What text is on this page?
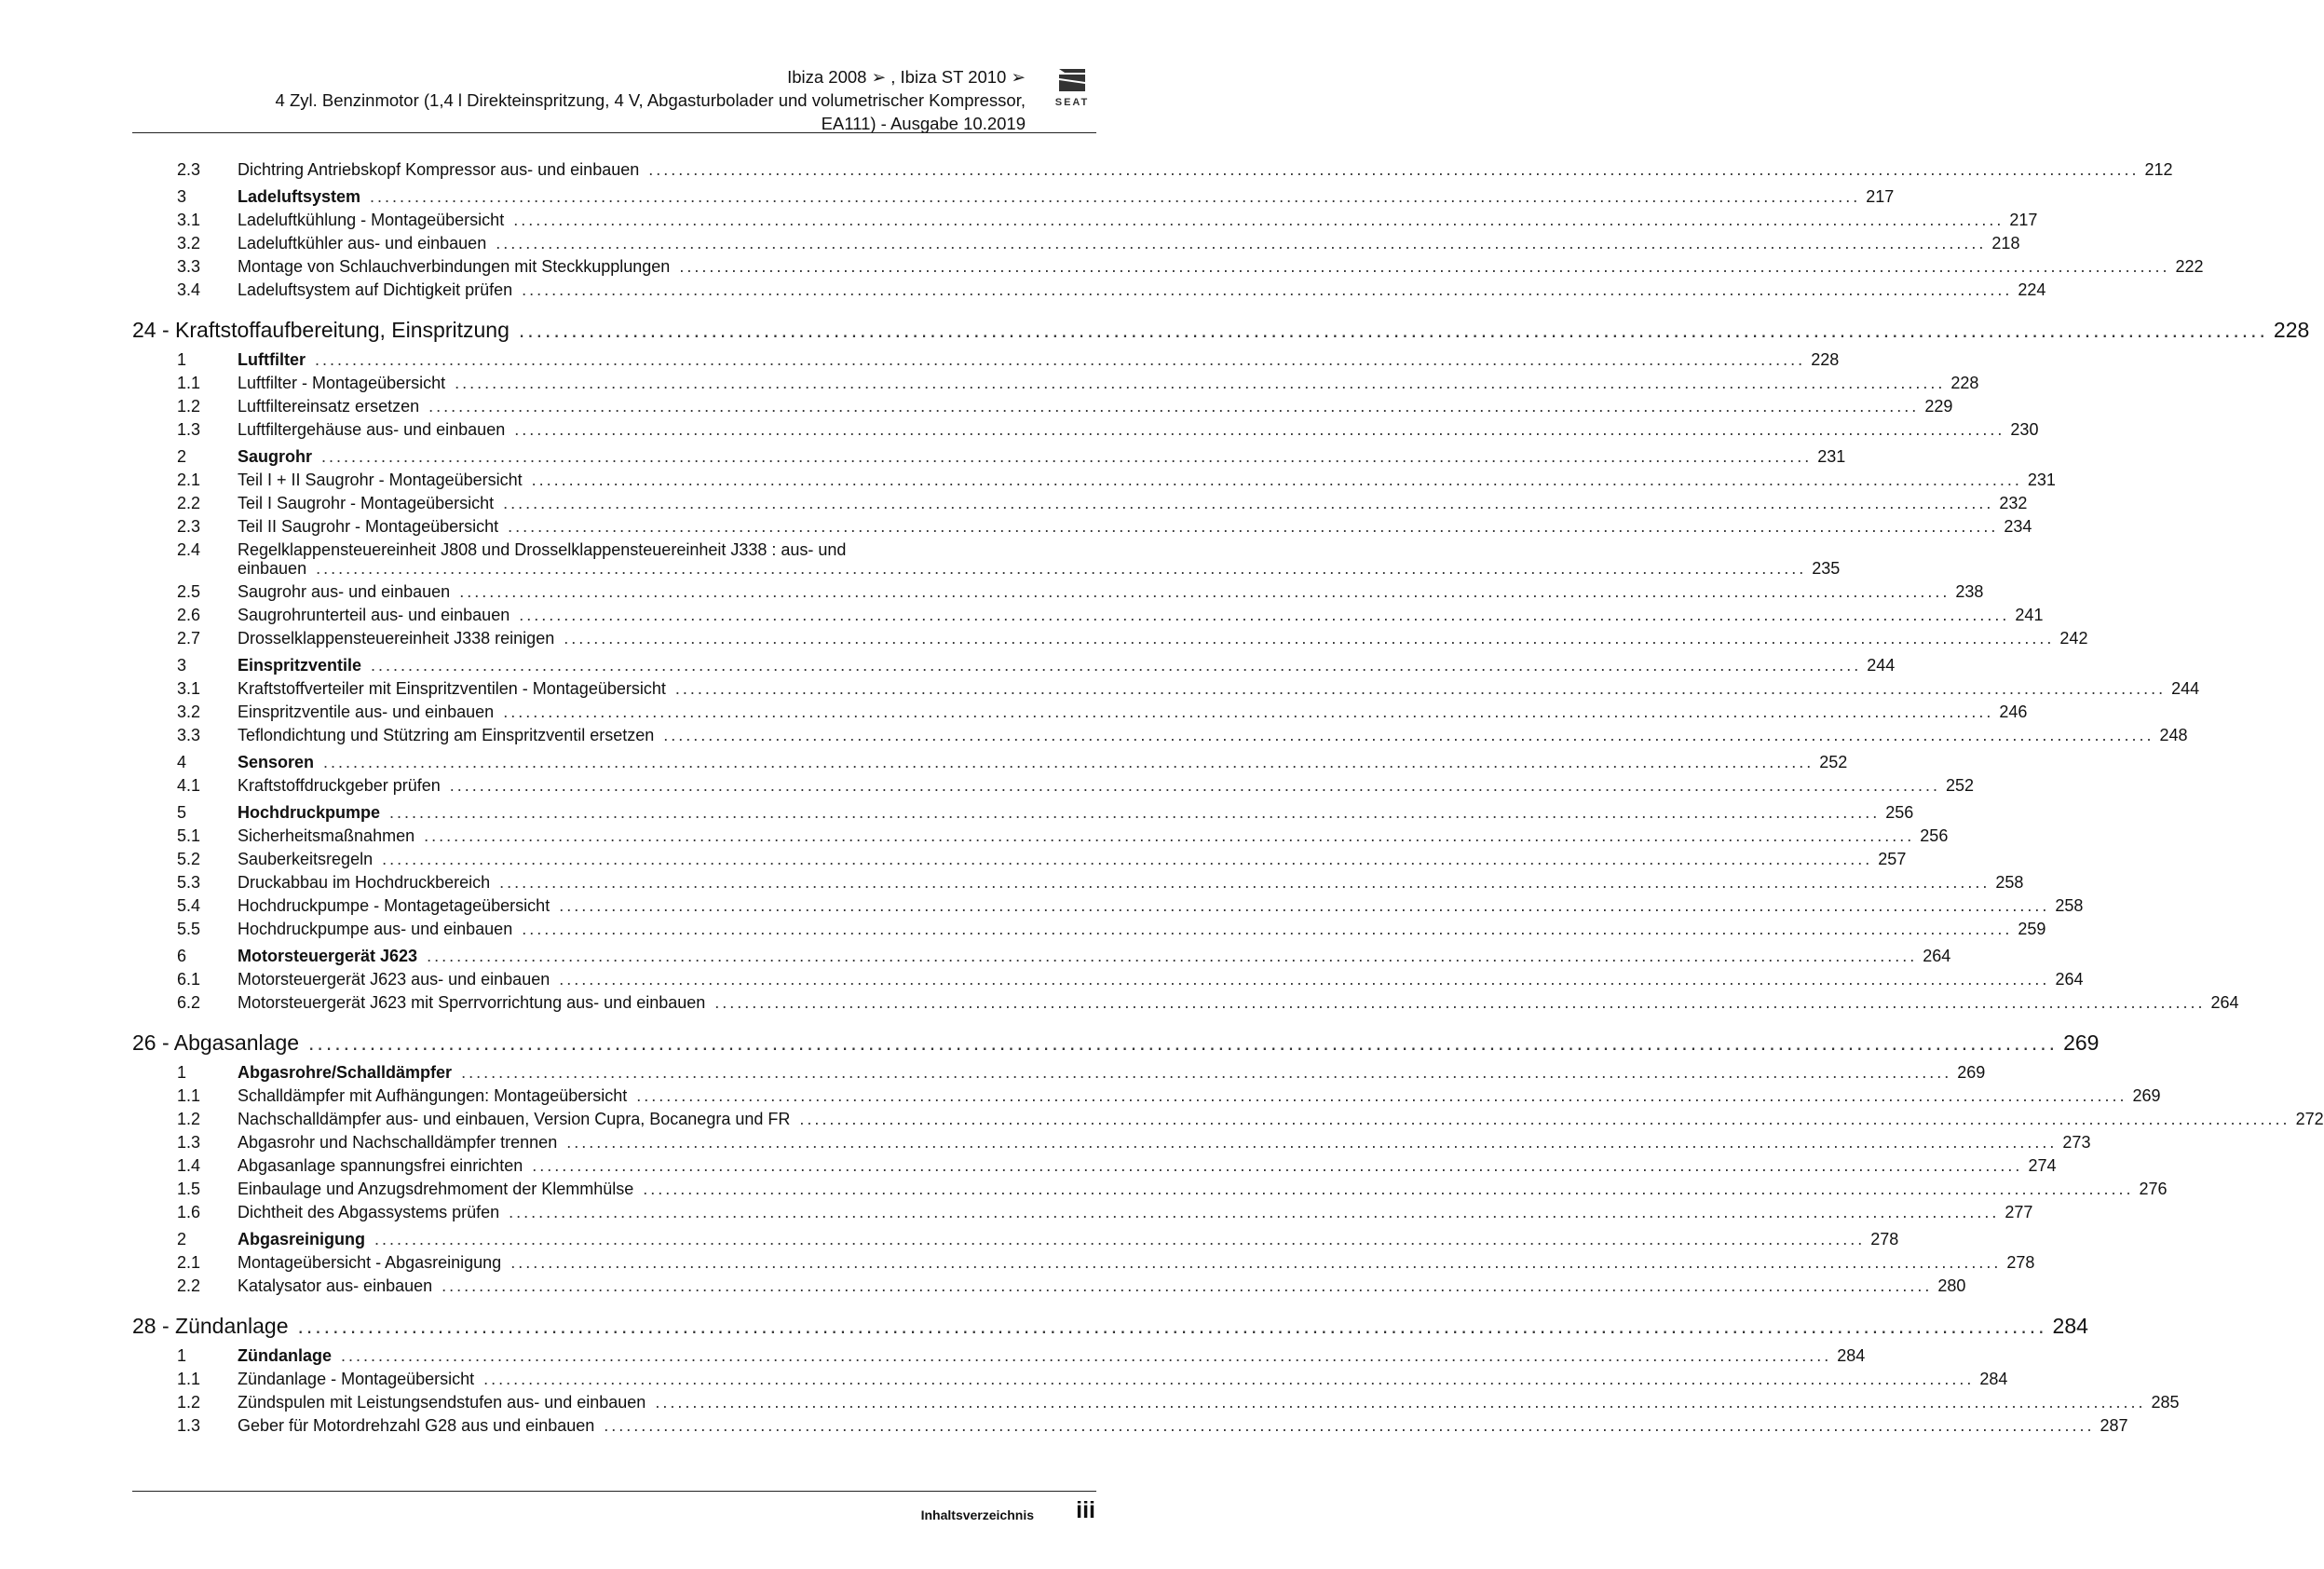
Ibiza 2008 ➢ , Ibiza ST 2010 ➢
4 Zyl. Benzinmotor (1,4 l Direkteinspritzung, 4 V, Abgasturbolader und volumetrischer Kompressor,
EA111) - Ausgabe 10.2019
SEAT
2.3 Dichtring Antriebskopf Kompressor aus- und einbauen ........................................................................................................................................................................................................ 212
3	Ladeluftsystem ........................................................................................................................................................................................................ 217
3.1 Ladeluftkühlung - Montageübersicht ........................................................................................................................................................................................................ 217
3.2 Ladeluftkühler aus- und einbauen ........................................................................................................................................................................................................ 218
3.3 Montage von Schlauchverbindungen mit Steckkupplungen ........................................................................................................................................................................................................ 222
3.4 Ladeluftsystem auf Dichtigkeit prüfen ........................................................................................................................................................................................................ 224
24 - Kraftstoffaufbereitung, Einspritzung ........................................................................................................................................................................................................ 228
1	Luftfilter ........................................................................................................................................................................................................ 228
1.1 Luftfilter - Montageübersicht ........................................................................................................................................................................................................ 228
1.2 Luftfiltereinsatz ersetzen ........................................................................................................................................................................................................ 229
1.3 Luftfiltergehäuse aus- und einbauen ........................................................................................................................................................................................................ 230
2	Saugrohr ........................................................................................................................................................................................................ 231
2.1 Teil I + II Saugrohr - Montageübersicht ........................................................................................................................................................................................................ 231
2.2 Teil I Saugrohr - Montageübersicht ........................................................................................................................................................................................................ 232
2.3 Teil II Saugrohr - Montageübersicht ........................................................................................................................................................................................................ 234
2.4 Regelklappensteuereinheit J808 und Drosselklappensteuereinheit J338 : aus- und
einbauen ........................................................................................................................................................................................................ 235
2.5 Saugrohr aus- und einbauen ........................................................................................................................................................................................................ 238
2.6 Saugrohrunterteil aus- und einbauen ........................................................................................................................................................................................................ 241
2.7 Drosselklappensteuereinheit J338 reinigen ........................................................................................................................................................................................................ 242
3	Einspritzventile ........................................................................................................................................................................................................ 244
3.1 Kraftstoffverteiler mit Einspritzventilen - Montageübersicht ........................................................................................................................................................................................................ 244
3.2 Einspritzventile aus- und einbauen ........................................................................................................................................................................................................ 246
3.3 Teflondichtung und Stützring am Einspritzventil ersetzen ........................................................................................................................................................................................................ 248
4	Sensoren ........................................................................................................................................................................................................ 252
4.1 Kraftstoffdruckgeber prüfen ........................................................................................................................................................................................................ 252
5	Hochdruckpumpe ........................................................................................................................................................................................................ 256
5.1 Sicherheitsmaßnahmen ........................................................................................................................................................................................................ 256
5.2 Sauberkeitsregeln ........................................................................................................................................................................................................ 257
5.3 Druckabbau im Hochdruckbereich ........................................................................................................................................................................................................ 258
5.4 Hochdruckpumpe - Montagetageübersicht ........................................................................................................................................................................................................ 258
5.5 Hochdruckpumpe aus- und einbauen ........................................................................................................................................................................................................ 259
6	Motorsteuergerät J623 ........................................................................................................................................................................................................ 264
6.1 Motorsteuergerät J623 aus- und einbauen ........................................................................................................................................................................................................ 264
6.2 Motorsteuergerät J623 mit Sperrvorrichtung aus- und einbauen ........................................................................................................................................................................................................ 264
26 - Abgasanlage ........................................................................................................................................................................................................ 269
1	Abgasrohre/Schalldämpfer ........................................................................................................................................................................................................ 269
1.1 Schalldämpfer mit Aufhängungen: Montageübersicht ........................................................................................................................................................................................................ 269
1.2 Nachschalldämpfer aus- und einbauen, Version Cupra, Bocanegra und FR ........................................................................................................................................................................................................ 272
1.3 Abgasrohr und Nachschalldämpfer trennen ........................................................................................................................................................................................................ 273
1.4 Abgasanlage spannungsfrei einrichten ........................................................................................................................................................................................................ 274
1.5 Einbaulage und Anzugsdrehmoment der Klemmhülse ........................................................................................................................................................................................................ 276
1.6 Dichtheit des Abgassystems prüfen ........................................................................................................................................................................................................ 277
2	Abgasreinigung ........................................................................................................................................................................................................ 278
2.1 Montageübersicht - Abgasreinigung ........................................................................................................................................................................................................ 278
2.2 Katalysator aus- einbauen ........................................................................................................................................................................................................ 280
28 - Zündanlage ........................................................................................................................................................................................................ 284
1	Zündanlage ........................................................................................................................................................................................................ 284
1.1 Zündanlage - Montageübersicht ........................................................................................................................................................................................................ 284
1.2 Zündspulen mit Leistungsendstufen aus- und einbauen ........................................................................................................................................................................................................ 285
1.3 Geber für Motordrehzahl G28 aus und einbauen ........................................................................................................................................................................................................ 287
Inhaltsverzeichnis iii
